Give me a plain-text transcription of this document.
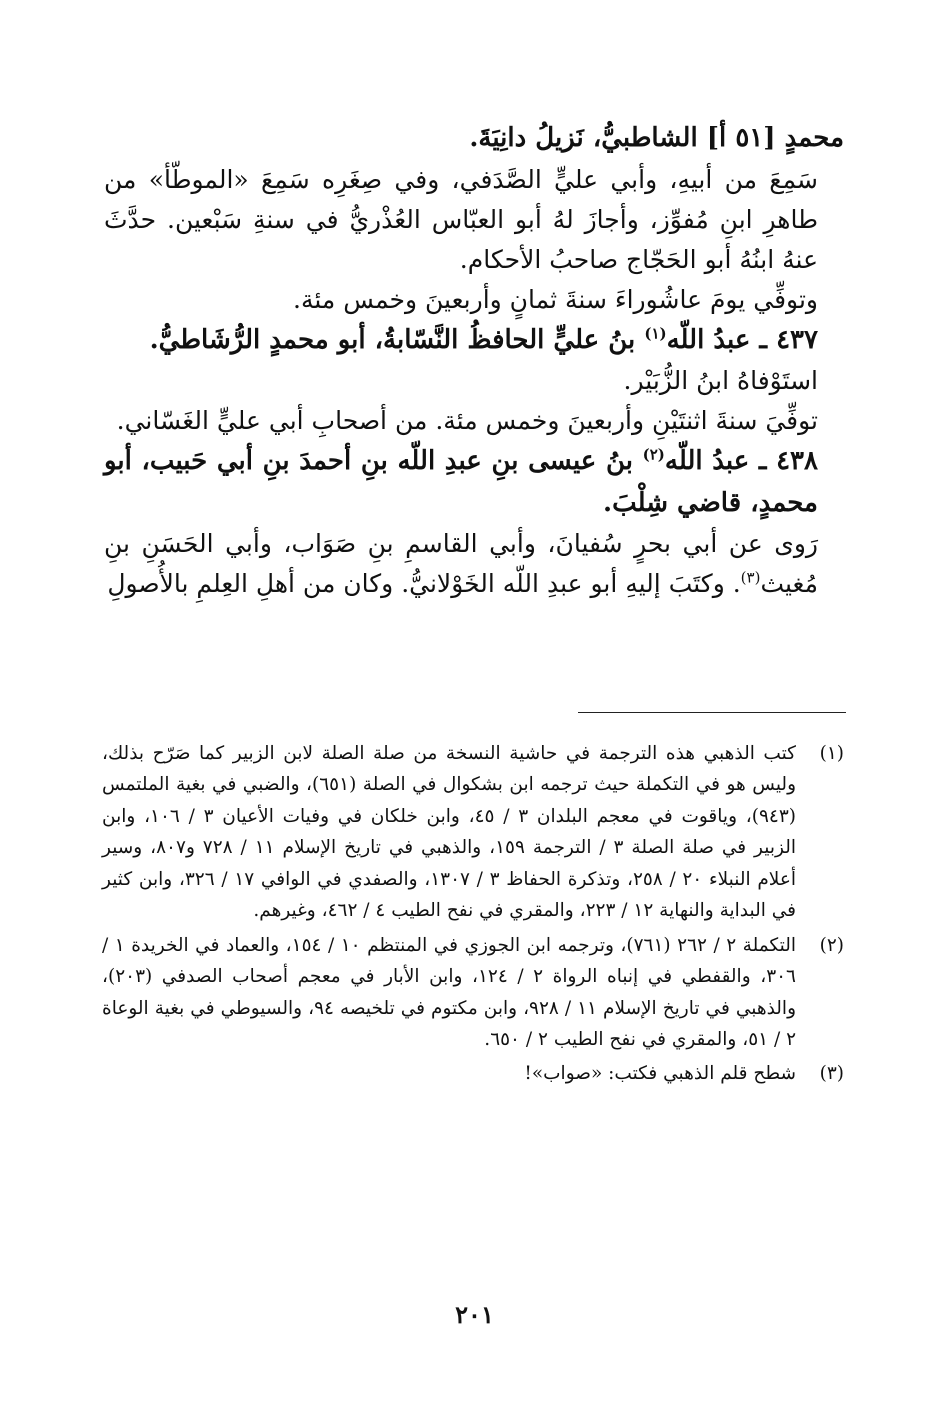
محمدٍ [٥١ أ] الشاطبيُّ، نَزيلُ دانِيَةَ.

سَمِعَ من أبيهِ، وأبي عليٍّ الصَّدَفي، وفي صِغَرِه سَمِعَ «الموطّأ» من طاهرِ ابنِ مُفوِّز، وأجازَ لهُ أبو العبّاس العُذْريُّ في سنةِ سَبْعين. حدَّثَ عنهُ ابنُهُ أبو الحَجّاج صاحبُ الأحكام.

وتوفِّي يومَ عاشُوراءَ سنةَ ثمانٍ وأربعينَ وخمس مئة.

٤٣٧ ـ عبدُ اللّه$^{(١)}$ بنُ عليٍّ الحافظُ النَّسّابةُ، أبو محمدٍ الرُّشَاطيُّ.

استَوْفاهُ ابنُ الزُّبَيْر.

توفِّيَ سنةَ اثنتَيْنِ وأربعينَ وخمس مئة. من أصحابِ أبي عليٍّ الغَسّاني.

٤٣٨ ـ عبدُ اللّه$^{(٢)}$ بنُ عيسى بنِ عبدِ اللّه بنِ أحمدَ بنِ أبي حَبيب، أبو محمدٍ، قاضي شِلْبَ.

رَوى عن أبي بحرٍ سُفيانَ، وأبي القاسمِ بنِ صَوَاب، وأبي الحَسَنِ بنِ مُغيث$^{(٣)}$. وكتَبَ إليهِ أبو عبدِ اللّه الخَوْلانيُّ. وكان من أهلِ العِلمِ بالأُصولِ

(١)
كتب الذهبي هذه الترجمة في حاشية النسخة من صلة الصلة لابن الزبير كما صَرّح بذلك، وليس هو في التكملة حيث ترجمه ابن بشكوال في الصلة (٦٥١)، والضبي في بغية الملتمس (٩٤٣)، وياقوت في معجم البلدان ٣ / ٤٥، وابن خلكان في وفيات الأعيان ٣ / ١٠٦، وابن الزبير في صلة الصلة ٣ / الترجمة ١٥٩، والذهبي في تاريخ الإسلام ١١ / ٧٢٨ و٨٠٧، وسير أعلام النبلاء ٢٠ / ٢٥٨، وتذكرة الحفاظ ٣ / ١٣٠٧، والصفدي في الوافي ١٧ / ٣٢٦، وابن كثير في البداية والنهاية ١٢ / ٢٢٣، والمقري في نفح الطيب ٤ / ٤٦٢، وغيرهم.
(٢)
التكملة ٢ / ٢٦٢ (٧٦١)، وترجمه ابن الجوزي في المنتظم ١٠ / ١٥٤، والعماد في الخريدة ١ / ٣٠٦، والقفطي في إنباه الرواة ٢ / ١٢٤، وابن الأبار في معجم أصحاب الصدفي (٢٠٣)، والذهبي في تاريخ الإسلام ١١ / ٩٢٨، وابن مكتوم في تلخيصه ٩٤، والسيوطي في بغية الوعاة ٢ / ٥١، والمقري في نفح الطيب ٢ / ٦٥٠.
(٣)
شطح قلم الذهبي فكتب: «صواب»!
٢٠١
